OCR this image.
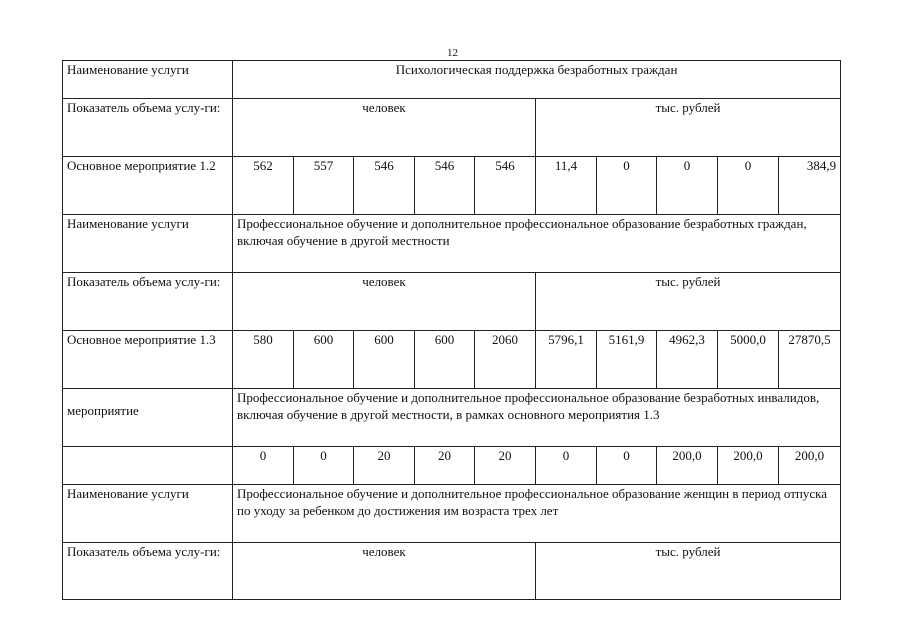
12
Наименование услуги	Психологическая поддержка безработных граждан									
Показатель объема услу-ги:	человек					тыс. рублей				
Основное мероприятие 1.2	562	557	546	546	546	11,4	0	0	0	384,9
Наименование услуги	Профессиональное обучение и дополнительное профессиональное образование безработных граждан, включая обучение в другой местности									
Показатель объема услу-ги:	человек					тыс. рублей				
Основное мероприятие 1.3	580	600	600	600	2060	5796,1	5161,9	4962,3	5000,0	27870,5
мероприятие	Профессиональное обучение и дополнительное профессиональное образование безработных инвалидов, включая обучение в другой местности, в рамках основного мероприятия 1.3									
	0	0	20	20	20	0	0	200,0	200,0	200,0
Наименование услуги	Профессиональное обучение и дополнительное профессиональное образование женщин в период отпуска по уходу за ребенком до достижения им возраста трех лет									
Показатель объема услу-ги:	человек					тыс. рублей				
